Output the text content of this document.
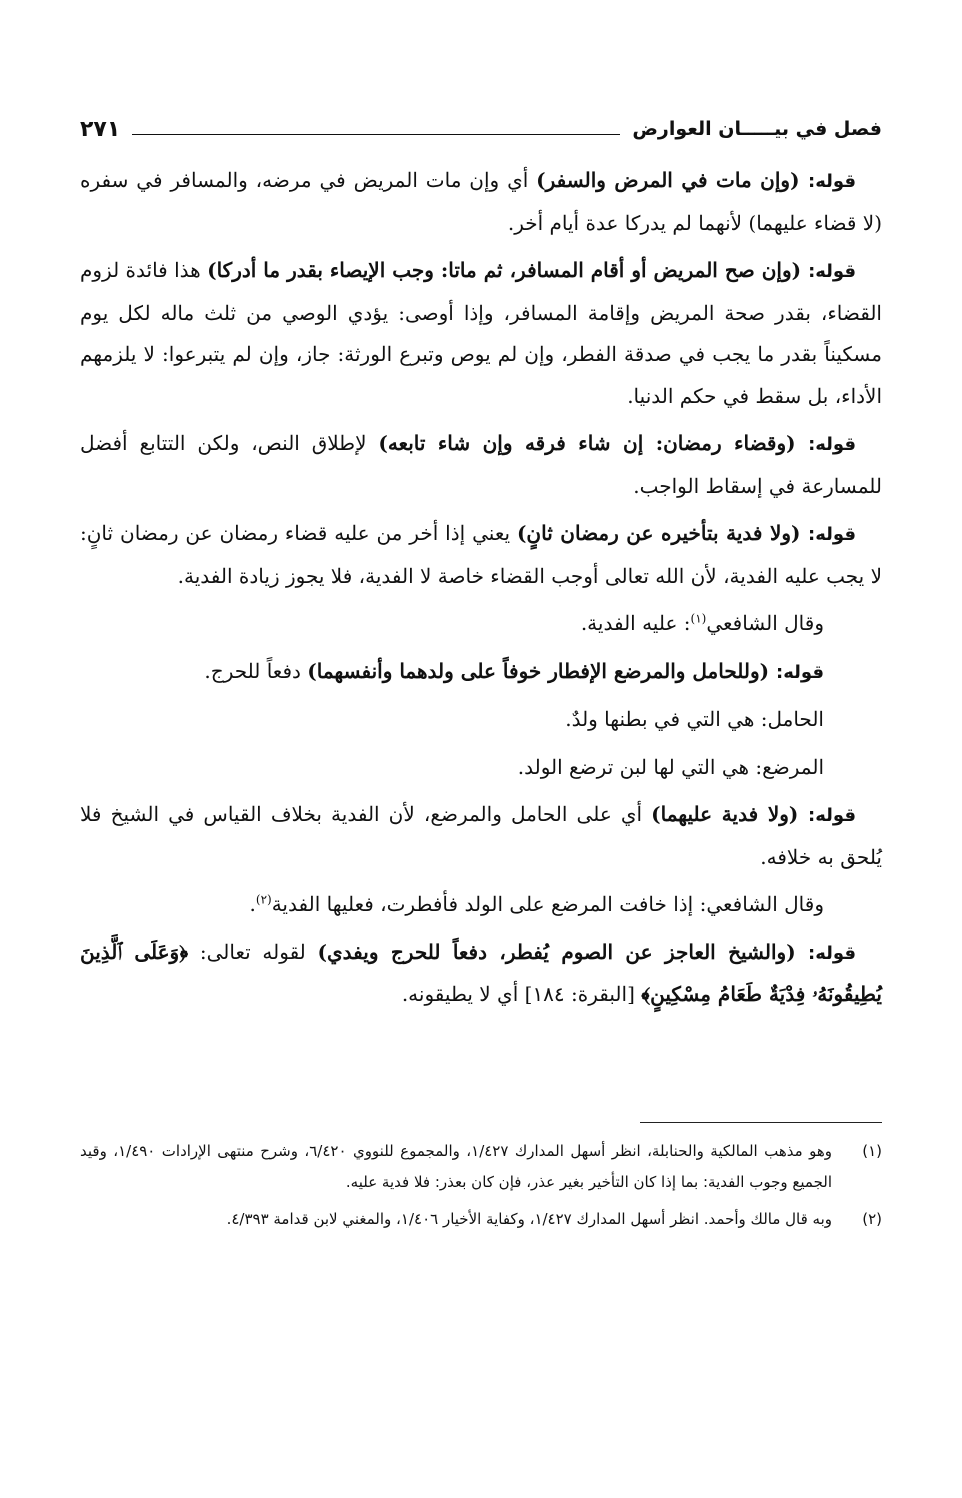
فصل في بيـــــان العوارض
٢٧١

قوله: (وإن مات في المرض والسفر) أي وإن مات المريض في مرضه، والمسافر في سفره (لا قضاء عليهما) لأنهما لم يدركا عدة أيام أخر.

قوله: (وإن صح المريض أو أقام المسافر، ثم ماتا: وجب الإيصاء بقدر ما أدركا) هذا فائدة لزوم القضاء، بقدر صحة المريض وإقامة المسافر، وإذا أوصى: يؤدي الوصي من ثلث ماله لكل يوم مسكيناً بقدر ما يجب في صدقة الفطر، وإن لم يوص وتبرع الورثة: جاز، وإن لم يتبرعوا: لا يلزمهم الأداء، بل سقط في حكم الدنيا.

قوله: (وقضاء رمضان: إن شاء فرقه وإن شاء تابعه) لإطلاق النص، ولكن التتابع أفضل للمسارعة في إسقاط الواجب.

قوله: (ولا فدية بتأخيره عن رمضان ثانٍ) يعني إذا أخر من عليه قضاء رمضان عن رمضان ثانٍ: لا يجب عليه الفدية، لأن الله تعالى أوجب القضاء خاصة لا الفدية، فلا يجوز زيادة الفدية.

وقال الشافعي$^{(١)}$: عليه الفدية.

قوله: (وللحامل والمرضع الإفطار خوفاً على ولدهما وأنفسهما) دفعاً للحرج.

الحامل: هي التي في بطنها ولدٌ.

المرضع: هي التي لها لبن ترضع الولد.

قوله: (ولا فدية عليهما) أي على الحامل والمرضع، لأن الفدية بخلاف القياس في الشيخ فلا يُلحق به خلافه.

وقال الشافعي: إذا خافت المرضع على الولد فأفطرت، فعليها الفدية$^{(٢)}$.

قوله: (والشيخ العاجز عن الصوم يُفطر، دفعاً للحرج ويفدي) لقوله تعالى: ﴿وَعَلَى ٱلَّذِينَ يُطِيقُونَهُۥ فِدْيَةٌ طَعَامُ مِسْكِينٍ﴾ [البقرة: ١٨٤] أي لا يطيقونه.

(١)
وهو مذهب المالكية والحنابلة، انظر أسهل المدارك ١/٤٢٧، والمجموع للنووي ٦/٤٢٠، وشرح منتهى الإرادات ١/٤٩٠، وقيد الجميع وجوب الفدية: بما إذا كان التأخير بغير عذر، فإن كان بعذر: فلا فدية عليه.
(٢)
وبه قال مالك وأحمد. انظر أسهل المدارك ١/٤٢٧، وكفاية الأخيار ١/٤٠٦، والمغني لابن قدامة ٤/٣٩٣.
